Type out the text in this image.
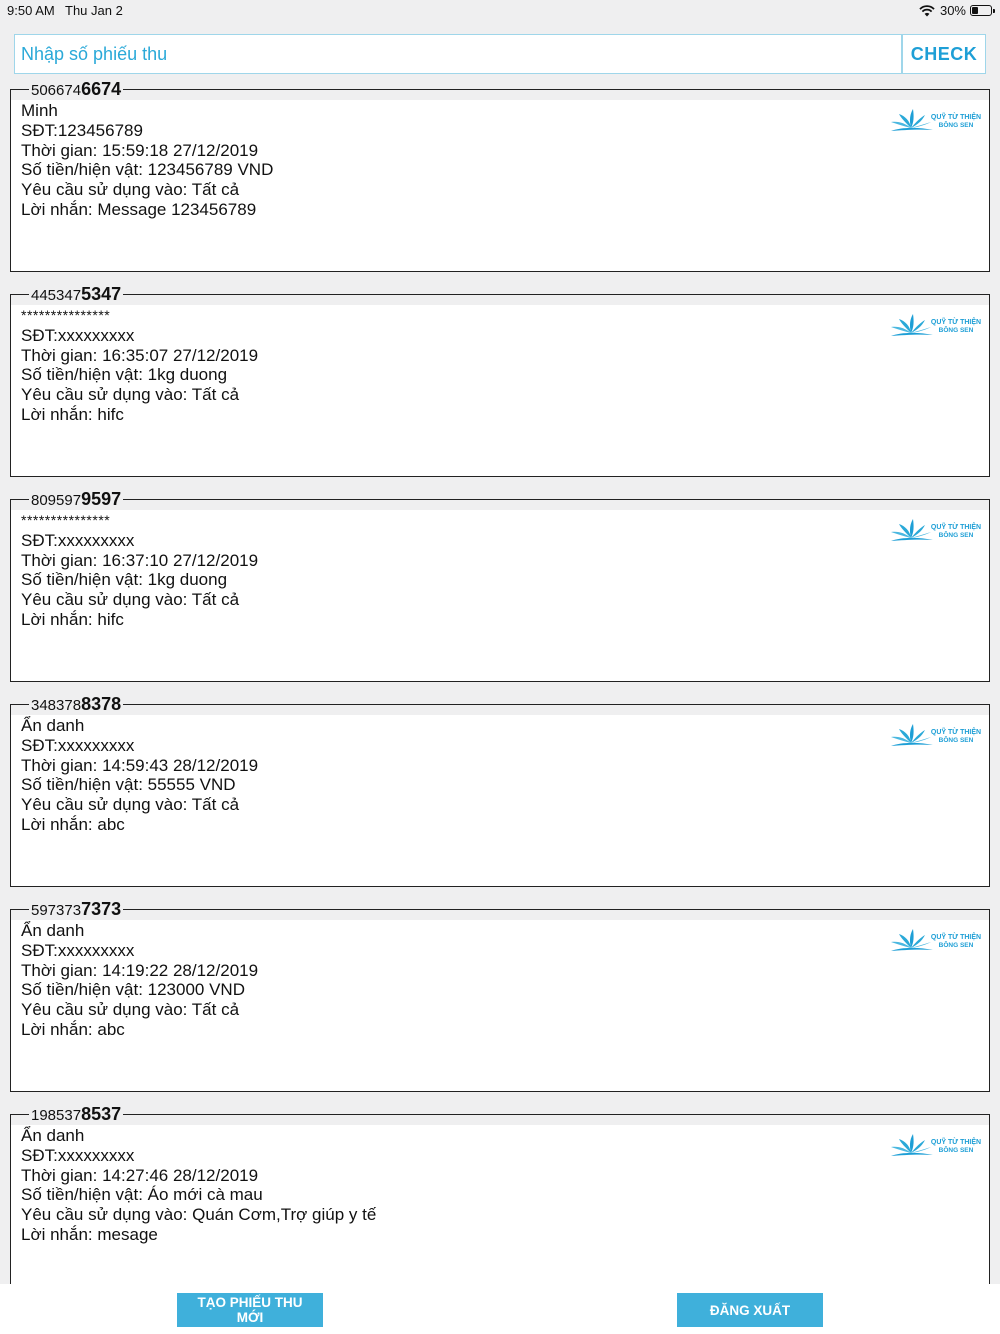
9:50 AM Thu Jan 2	30%
Nhập số phiếu thu
CHECK
5066746674
Minh
SĐT:123456789
Thời gian: 15:59:18 27/12/2019
Số tiền/hiện vật: 123456789 VND
Yêu cầu sử dụng vào: Tất cả
Lời nhắn: Message 123456789
QUỸ TỪ THIỆN
BÔNG SEN
4453475347
***************
SĐT:xxxxxxxxx
Thời gian: 16:35:07 27/12/2019
Số tiền/hiện vật: 1kg duong
Yêu cầu sử dụng vào: Tất cả
Lời nhắn: hifc
QUỸ TỪ THIỆN
BÔNG SEN
8095979597
***************
SĐT:xxxxxxxxx
Thời gian: 16:37:10 27/12/2019
Số tiền/hiện vật: 1kg duong
Yêu cầu sử dụng vào: Tất cả
Lời nhắn: hifc
QUỸ TỪ THIỆN
BÔNG SEN
3483788378
Ẩn danh
SĐT:xxxxxxxxx
Thời gian: 14:59:43 28/12/2019
Số tiền/hiện vật: 55555 VND
Yêu cầu sử dụng vào: Tất cả
Lời nhắn: abc
QUỸ TỪ THIỆN
BÔNG SEN
5973737373
Ẩn danh
SĐT:xxxxxxxxx
Thời gian: 14:19:22 28/12/2019
Số tiền/hiện vật: 123000 VND
Yêu cầu sử dụng vào: Tất cả
Lời nhắn: abc
QUỸ TỪ THIỆN
BÔNG SEN
1985378537
Ẩn danh
SĐT:xxxxxxxxx
Thời gian: 14:27:46 28/12/2019
Số tiền/hiện vật: Áo mới cà mau
Yêu cầu sử dụng vào: Quán Cơm,Trợ giúp y tế
Lời nhắn: mesage
QUỸ TỪ THIỆN
BÔNG SEN
TẠO PHIẾU THU MỚI	ĐĂNG XUẤT
